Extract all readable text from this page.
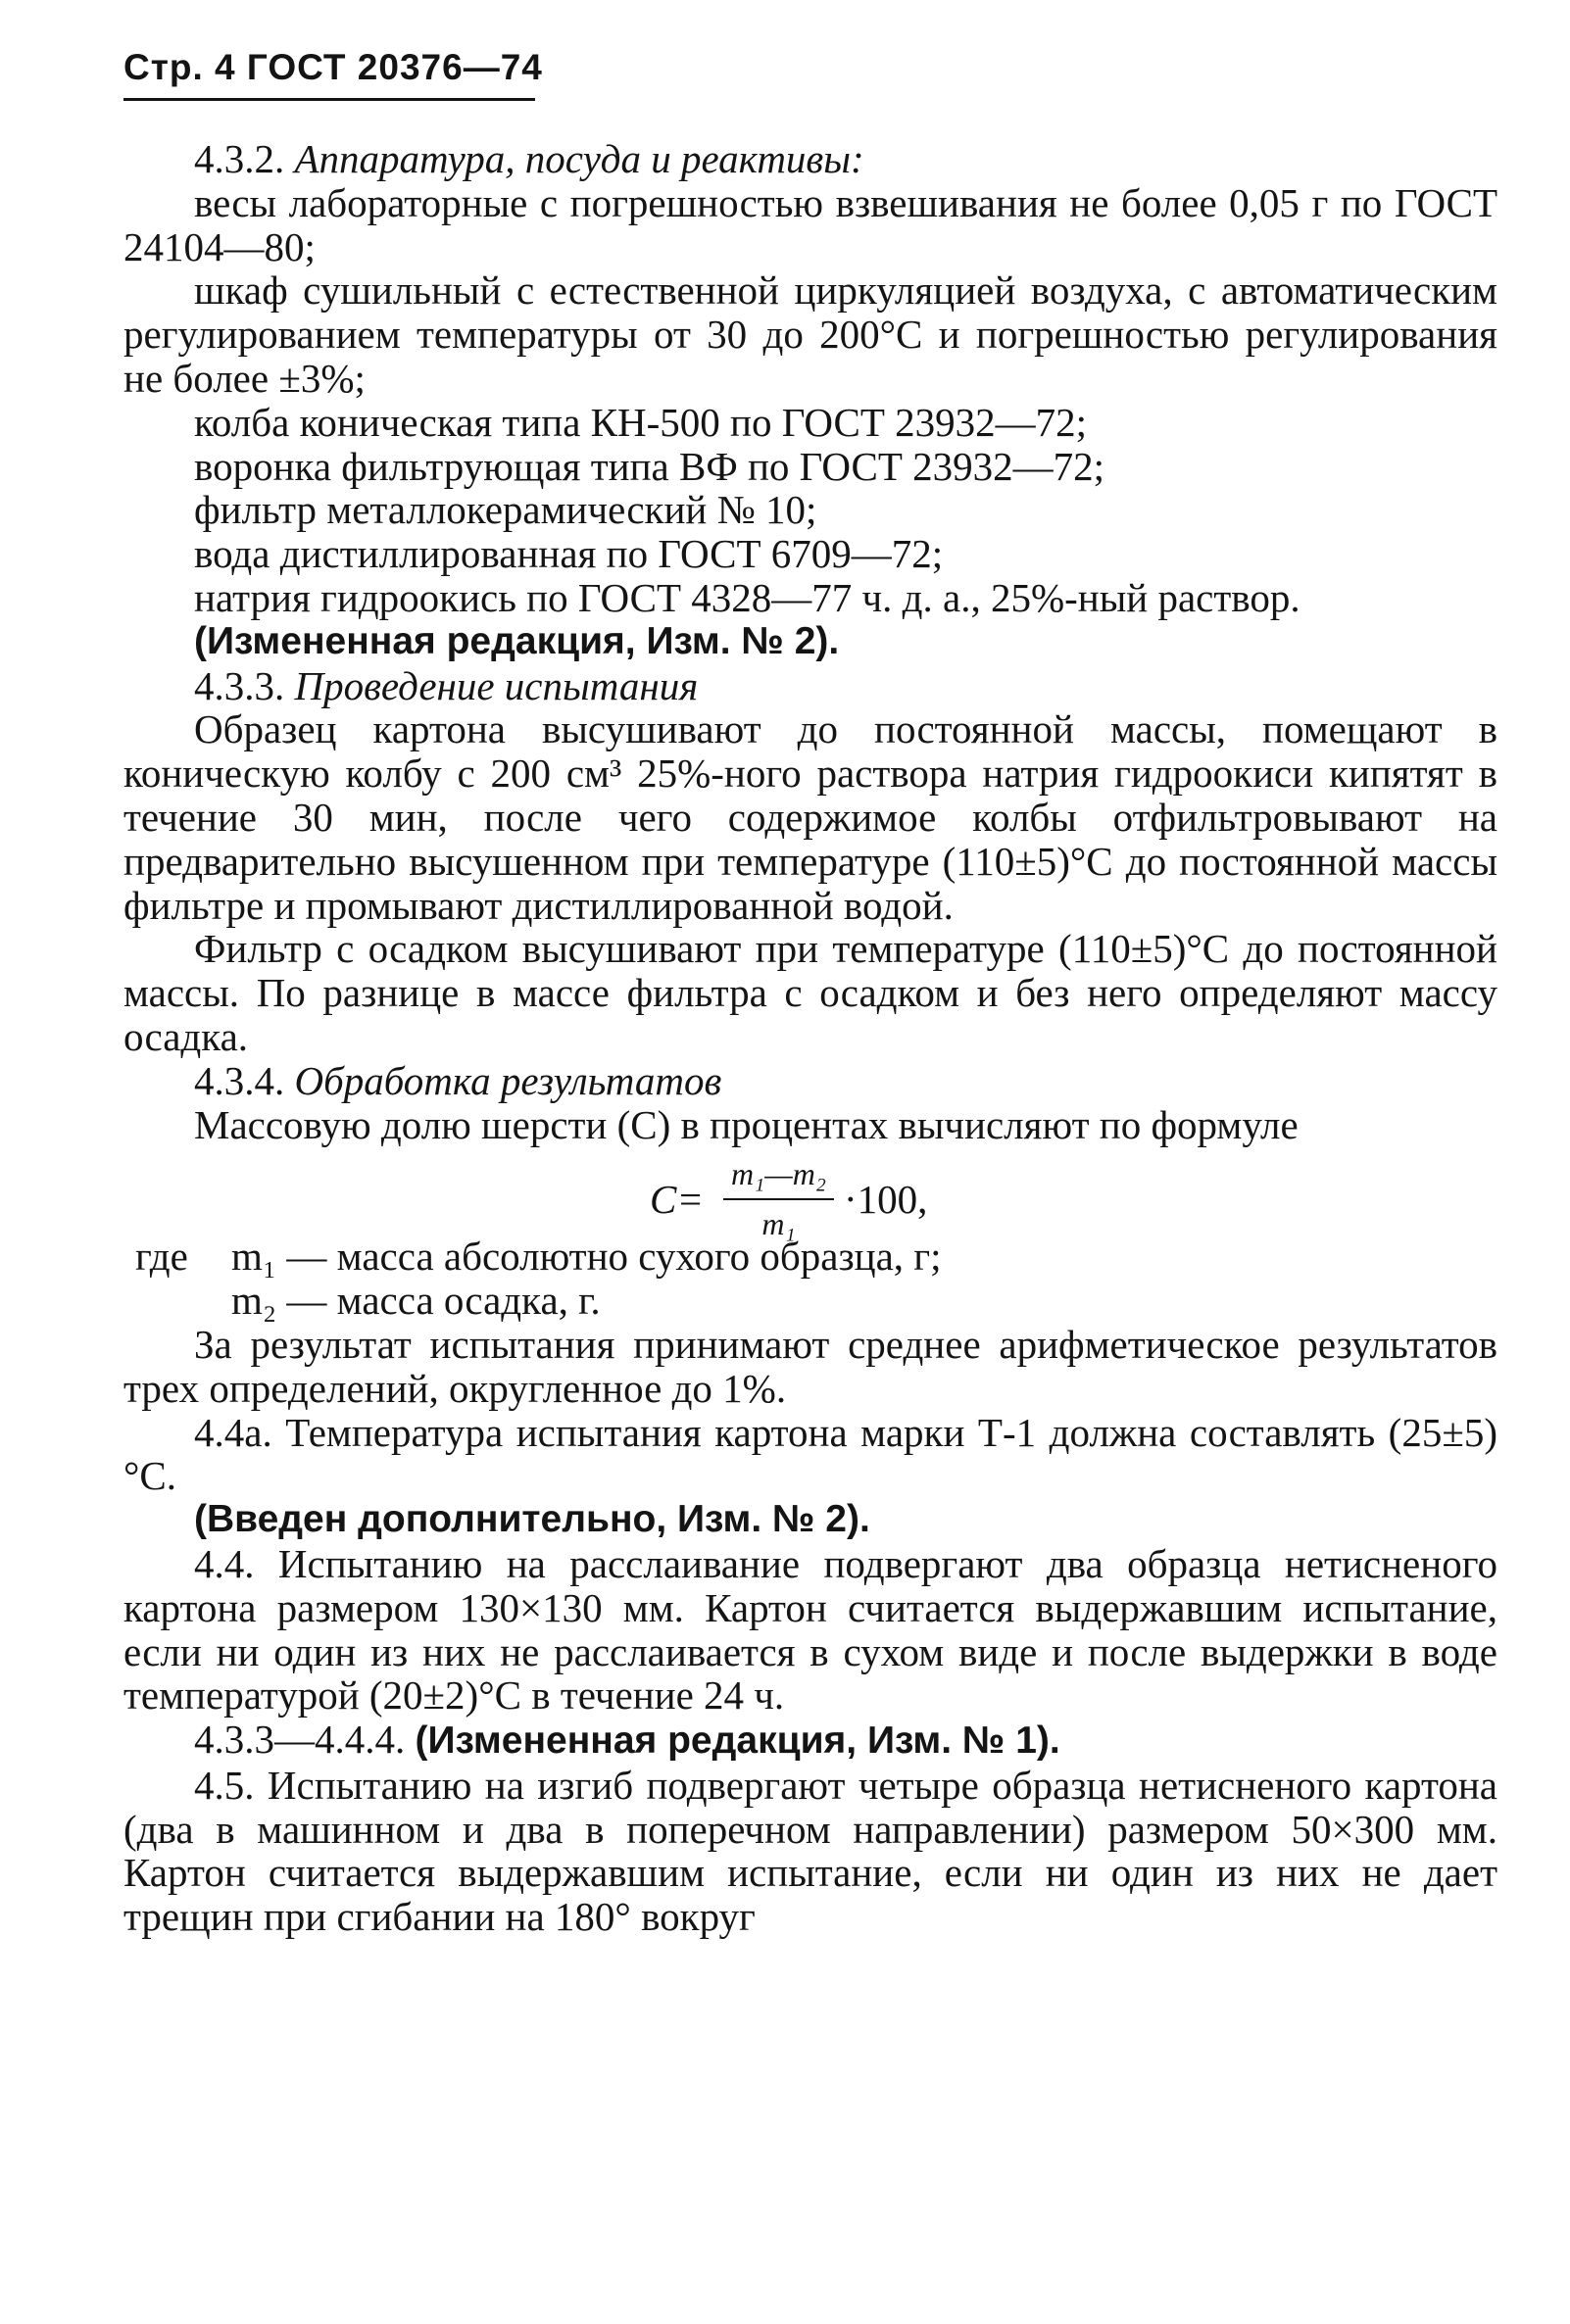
Стр. 4 ГОСТ 20376—74

4.3.2. Аппаратура, посуда и реактивы:

весы лабораторные с погрешностью взвешивания не более 0,05 г по ГОСТ 24104—80;

шкаф сушильный с естественной циркуляцией воздуха, с автоматическим регулированием температуры от 30 до 200°С и погрешностью регулирования не более ±3%;

колба коническая типа КН-500 по ГОСТ 23932—72;

воронка фильтрующая типа ВФ по ГОСТ 23932—72;

фильтр металлокерамический № 10;

вода дистиллированная по ГОСТ 6709—72;

натрия гидроокись по ГОСТ 4328—77 ч. д. а., 25%-ный раствор.

(Измененная редакция, Изм. № 2).

4.3.3. Проведение испытания

Образец картона высушивают до постоянной массы, помещают в коническую колбу с 200 см³ 25%-ного раствора натрия гидроокиси кипятят в течение 30 мин, после чего содержимое колбы отфильтровывают на предварительно высушенном при температуре (110±5)°С до постоянной массы фильтре и промывают дистиллированной водой.

Фильтр с осадком высушивают при температуре (110±5)°С до постоянной массы. По разнице в массе фильтра с осадком и без него определяют массу осадка.

4.3.4. Обработка результатов

Массовую долю шерсти (С) в процентах вычисляют по формуле

$C= \frac{\text{m₁—m₂}}{\text{m₁}} \cdot 100$,
где	m₁ — масса абсолютно сухого образца, г;

m₂ — масса осадка, г.

За результат испытания принимают среднее арифметическое результатов трех определений, округленное до 1%.

4.4а. Температура испытания картона марки Т-1 должна составлять (25±5)°С.

(Введен дополнительно, Изм. № 2).

4.4. Испытанию на расслаивание подвергают два образца нетисненого картона размером 130×130 мм. Картон считается выдержавшим испытание, если ни один из них не расслаивается в сухом виде и после выдержки в воде температурой (20±2)°С в течение 24 ч.

4.3.3—4.4.4. (Измененная редакция, Изм. № 1).

4.5. Испытанию на изгиб подвергают четыре образца нетисненого картона (два в машинном и два в поперечном направлении) размером 50×300 мм. Картон считается выдержавшим испытание, если ни один из них не дает трещин при сгибании на 180° вокруг
